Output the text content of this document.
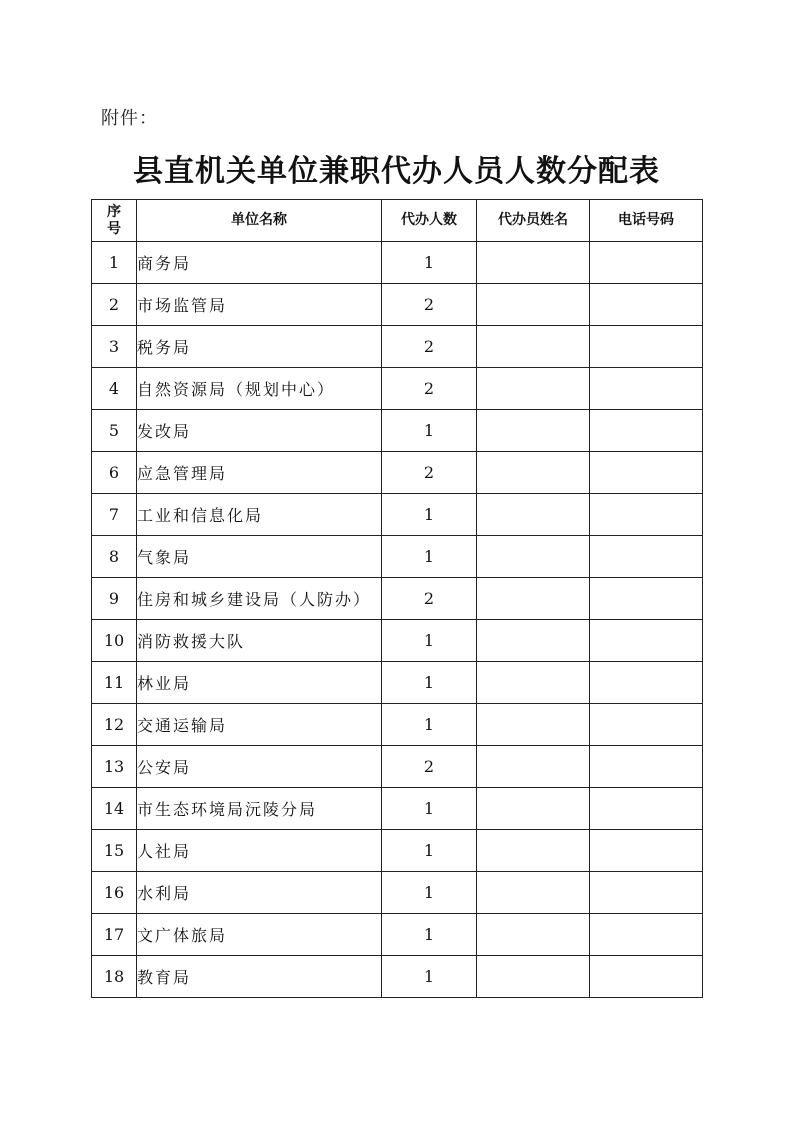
附件：
县直机关单位兼职代办人员人数分配表
序号	单位名称	代办人数	代办员姓名	电话号码
1	商务局	1		
2	市场监管局	2		
3	税务局	2		
4	自然资源局（规划中心）	2		
5	发改局	1		
6	应急管理局	2		
7	工业和信息化局	1		
8	气象局	1		
9	住房和城乡建设局（人防办）	2		
10	消防救援大队	1		
11	林业局	1		
12	交通运输局	1		
13	公安局	2		
14	市生态环境局沅陵分局	1		
15	人社局	1		
16	水利局	1		
17	文广体旅局	1		
18	教育局	1		
